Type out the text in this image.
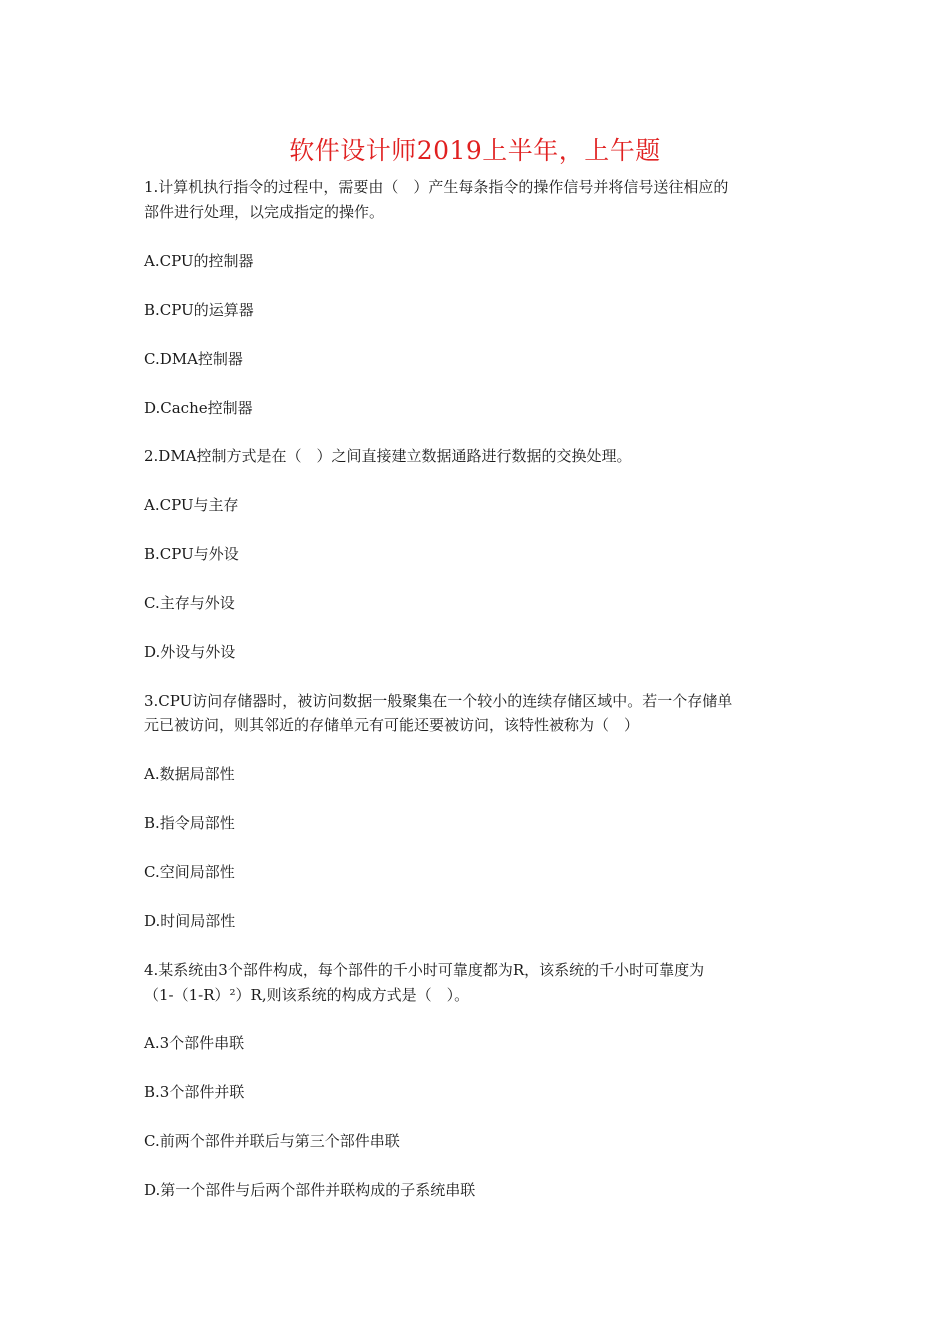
软件设计师2019上半年，上午题
1.计算机执行指令的过程中，需要由（　）产生每条指令的操作信号并将信号送往相应的
部件进行处理，以完成指定的操作。
A.CPU的控制器
B.CPU的运算器
C.DMA控制器
D.Cache控制器
2.DMA控制方式是在（　）之间直接建立数据通路进行数据的交换处理。
A.CPU与主存
B.CPU与外设
C.主存与外设
D.外设与外设
3.CPU访问存储器时，被访问数据一般聚集在一个较小的连续存储区域中。若一个存储单
元已被访问，则其邻近的存储单元有可能还要被访问，该特性被称为（　）
A.数据局部性
B.指令局部性
C.空间局部性
D.时间局部性
4.某系统由3个部件构成，每个部件的千小时可靠度都为R，该系统的千小时可靠度为
（1-（1-R）²）R,则该系统的构成方式是（　）。
A.3个部件串联
B.3个部件并联
C.前两个部件并联后与第三个部件串联
D.第一个部件与后两个部件并联构成的子系统串联
